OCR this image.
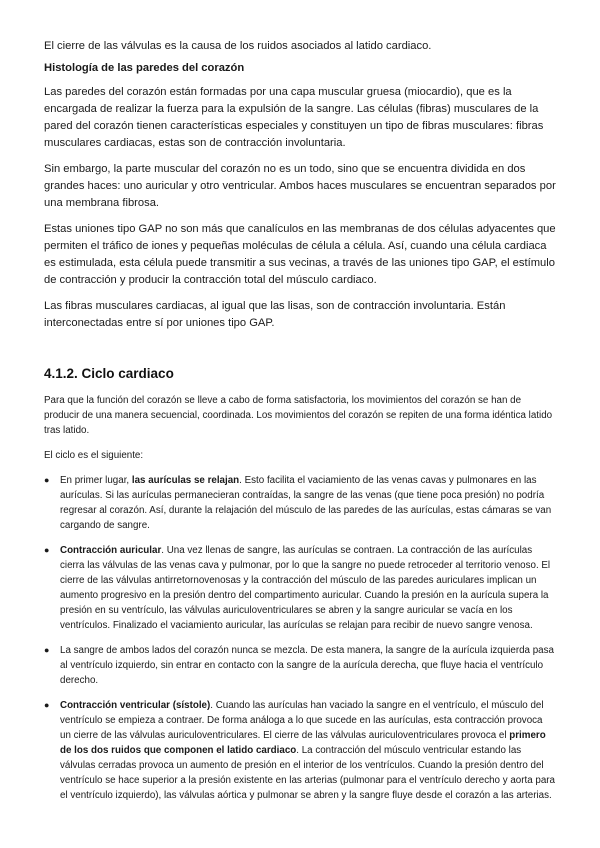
El cierre de las válvulas es la causa de los ruidos asociados al latido cardiaco.

Histología de las paredes del corazón

Las paredes del corazón están formadas por una capa muscular gruesa (miocardio), que es la encargada de realizar la fuerza para la expulsión de la sangre. Las células (fibras) musculares de la pared del corazón tienen características especiales y constituyen un tipo de fibras musculares: fibras musculares cardiacas, estas son de contracción involuntaria.

Sin embargo, la parte muscular del corazón no es un todo, sino que se encuentra dividida en dos grandes haces: uno auricular y otro ventricular. Ambos haces musculares se encuentran separados por una membrana fibrosa.

Estas uniones tipo GAP no son más que canalículos en las membranas de dos células adyacentes que permiten el tráfico de iones y pequeñas moléculas de célula a célula. Así, cuando una célula cardiaca es estimulada, esta célula puede transmitir a sus vecinas, a través de las uniones tipo GAP, el estímulo de contracción y producir la contracción total del músculo cardiaco.

Las fibras musculares cardiacas, al igual que las lisas, son de contracción involuntaria. Están interconectadas entre sí por uniones tipo GAP.

4.1.2. Ciclo cardiaco

Para que la función del corazón se lleve a cabo de forma satisfactoria, los movimientos del corazón se han de producir de una manera secuencial, coordinada. Los movimientos del corazón se repiten de una forma idéntica latido tras latido.

El ciclo es el siguiente:

● En primer lugar, las aurículas se relajan. Esto facilita el vaciamiento de las venas cavas y pulmonares en las aurículas. Si las aurículas permanecieran contraídas, la sangre de las venas (que tiene poca presión) no podría regresar al corazón. Así, durante la relajación del músculo de las paredes de las aurículas, estas cámaras se van cargando de sangre.
● Contracción auricular. Una vez llenas de sangre, las aurículas se contraen. La contracción de las aurículas cierra las válvulas de las venas cava y pulmonar, por lo que la sangre no puede retroceder al territorio venoso. El cierre de las válvulas antirretornovenosas y la contracción del músculo de las paredes auriculares implican un aumento progresivo en la presión dentro del compartimento auricular. Cuando la presión en la aurícula supera la presión en su ventrículo, las válvulas auriculoventriculares se abren y la sangre auricular se vacía en los ventrículos. Finalizado el vaciamiento auricular, las aurículas se relajan para recibir de nuevo sangre venosa.
● La sangre de ambos lados del corazón nunca se mezcla. De esta manera, la sangre de la aurícula izquierda pasa al ventrículo izquierdo, sin entrar en contacto con la sangre de la aurícula derecha, que fluye hacia el ventrículo derecho.
● Contracción ventricular (sístole). Cuando las aurículas han vaciado la sangre en el ventrículo, el músculo del ventrículo se empieza a contraer. De forma análoga a lo que sucede en las aurículas, esta contracción provoca un cierre de las válvulas auriculoventriculares. El cierre de las válvulas auriculoventriculares provoca el primero de los dos ruidos que componen el latido cardiaco. La contracción del músculo ventricular estando las válvulas cerradas provoca un aumento de presión en el interior de los ventrículos. Cuando la presión dentro del ventrículo se hace superior a la presión existente en las arterias (pulmonar para el ventrículo derecho y aorta para el ventrículo izquierdo), las válvulas aórtica y pulmonar se abren y la sangre fluye desde el corazón a las arterias.
